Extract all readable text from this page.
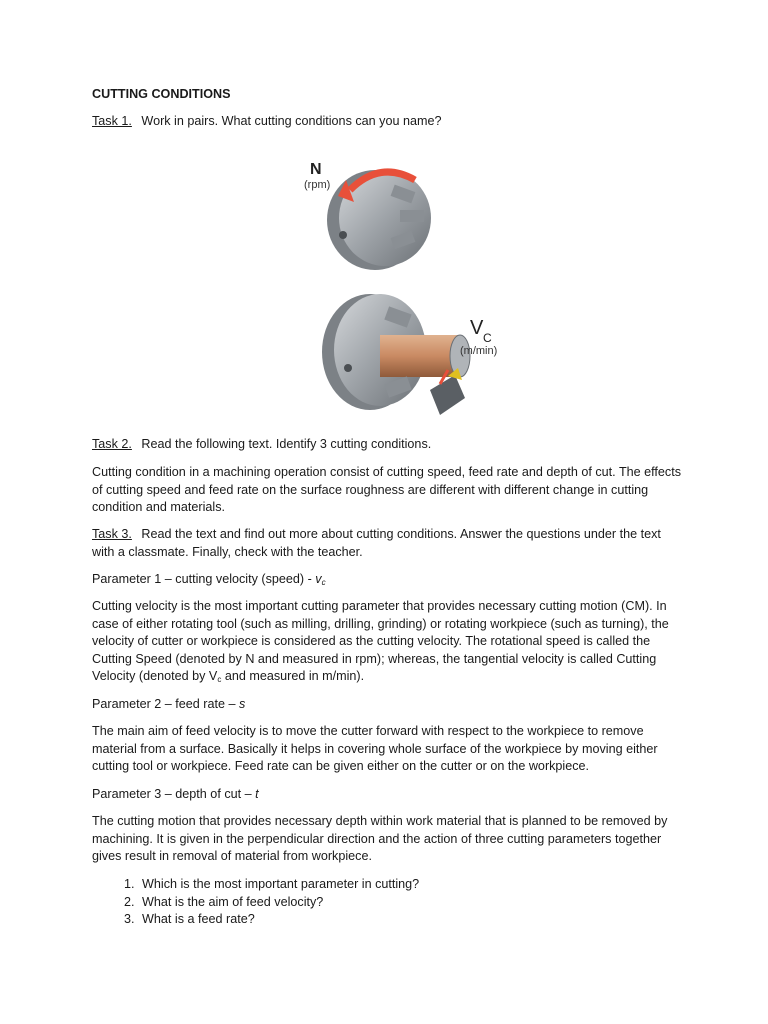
CUTTING CONDITIONS
Task 1. Work in pairs. What cutting conditions can you name?
N
(rpm)
V C
(m/min)
Task 2. Read the following text. Identify 3 cutting conditions.
Cutting condition in a machining operation consist of cutting speed, feed rate and depth of cut. The effects of cutting speed and feed rate on the surface roughness are different with different change in cutting condition and materials.
Task 3. Read the text and find out more about cutting conditions. Answer the questions under the text with a classmate. Finally, check with the teacher.
Parameter 1 – cutting velocity (speed) - $v_c$
Cutting velocity is the most important cutting parameter that provides necessary cutting motion (CM). In case of either rotating tool (such as milling, drilling, grinding) or rotating workpiece (such as turning), the velocity of cutter or workpiece is considered as the cutting velocity. The rotational speed is called the Cutting Speed (denoted by N and measured in rpm); whereas, the tangential velocity is called Cutting Velocity (denoted by $V_c$ and measured in m/min).
Parameter 2 – feed rate – s
The main aim of feed velocity is to move the cutter forward with respect to the workpiece to remove material from a surface. Basically it helps in covering whole surface of the workpiece by moving either cutting tool or workpiece. Feed rate can be given either on the cutter or on the workpiece.
Parameter 3 – depth of cut – t
The cutting motion that provides necessary depth within work material that is planned to be removed by machining. It is given in the perpendicular direction and the action of three cutting parameters together gives result in removal of material from workpiece.
1. Which is the most important parameter in cutting?
2. What is the aim of feed velocity?
3. What is a feed rate?
